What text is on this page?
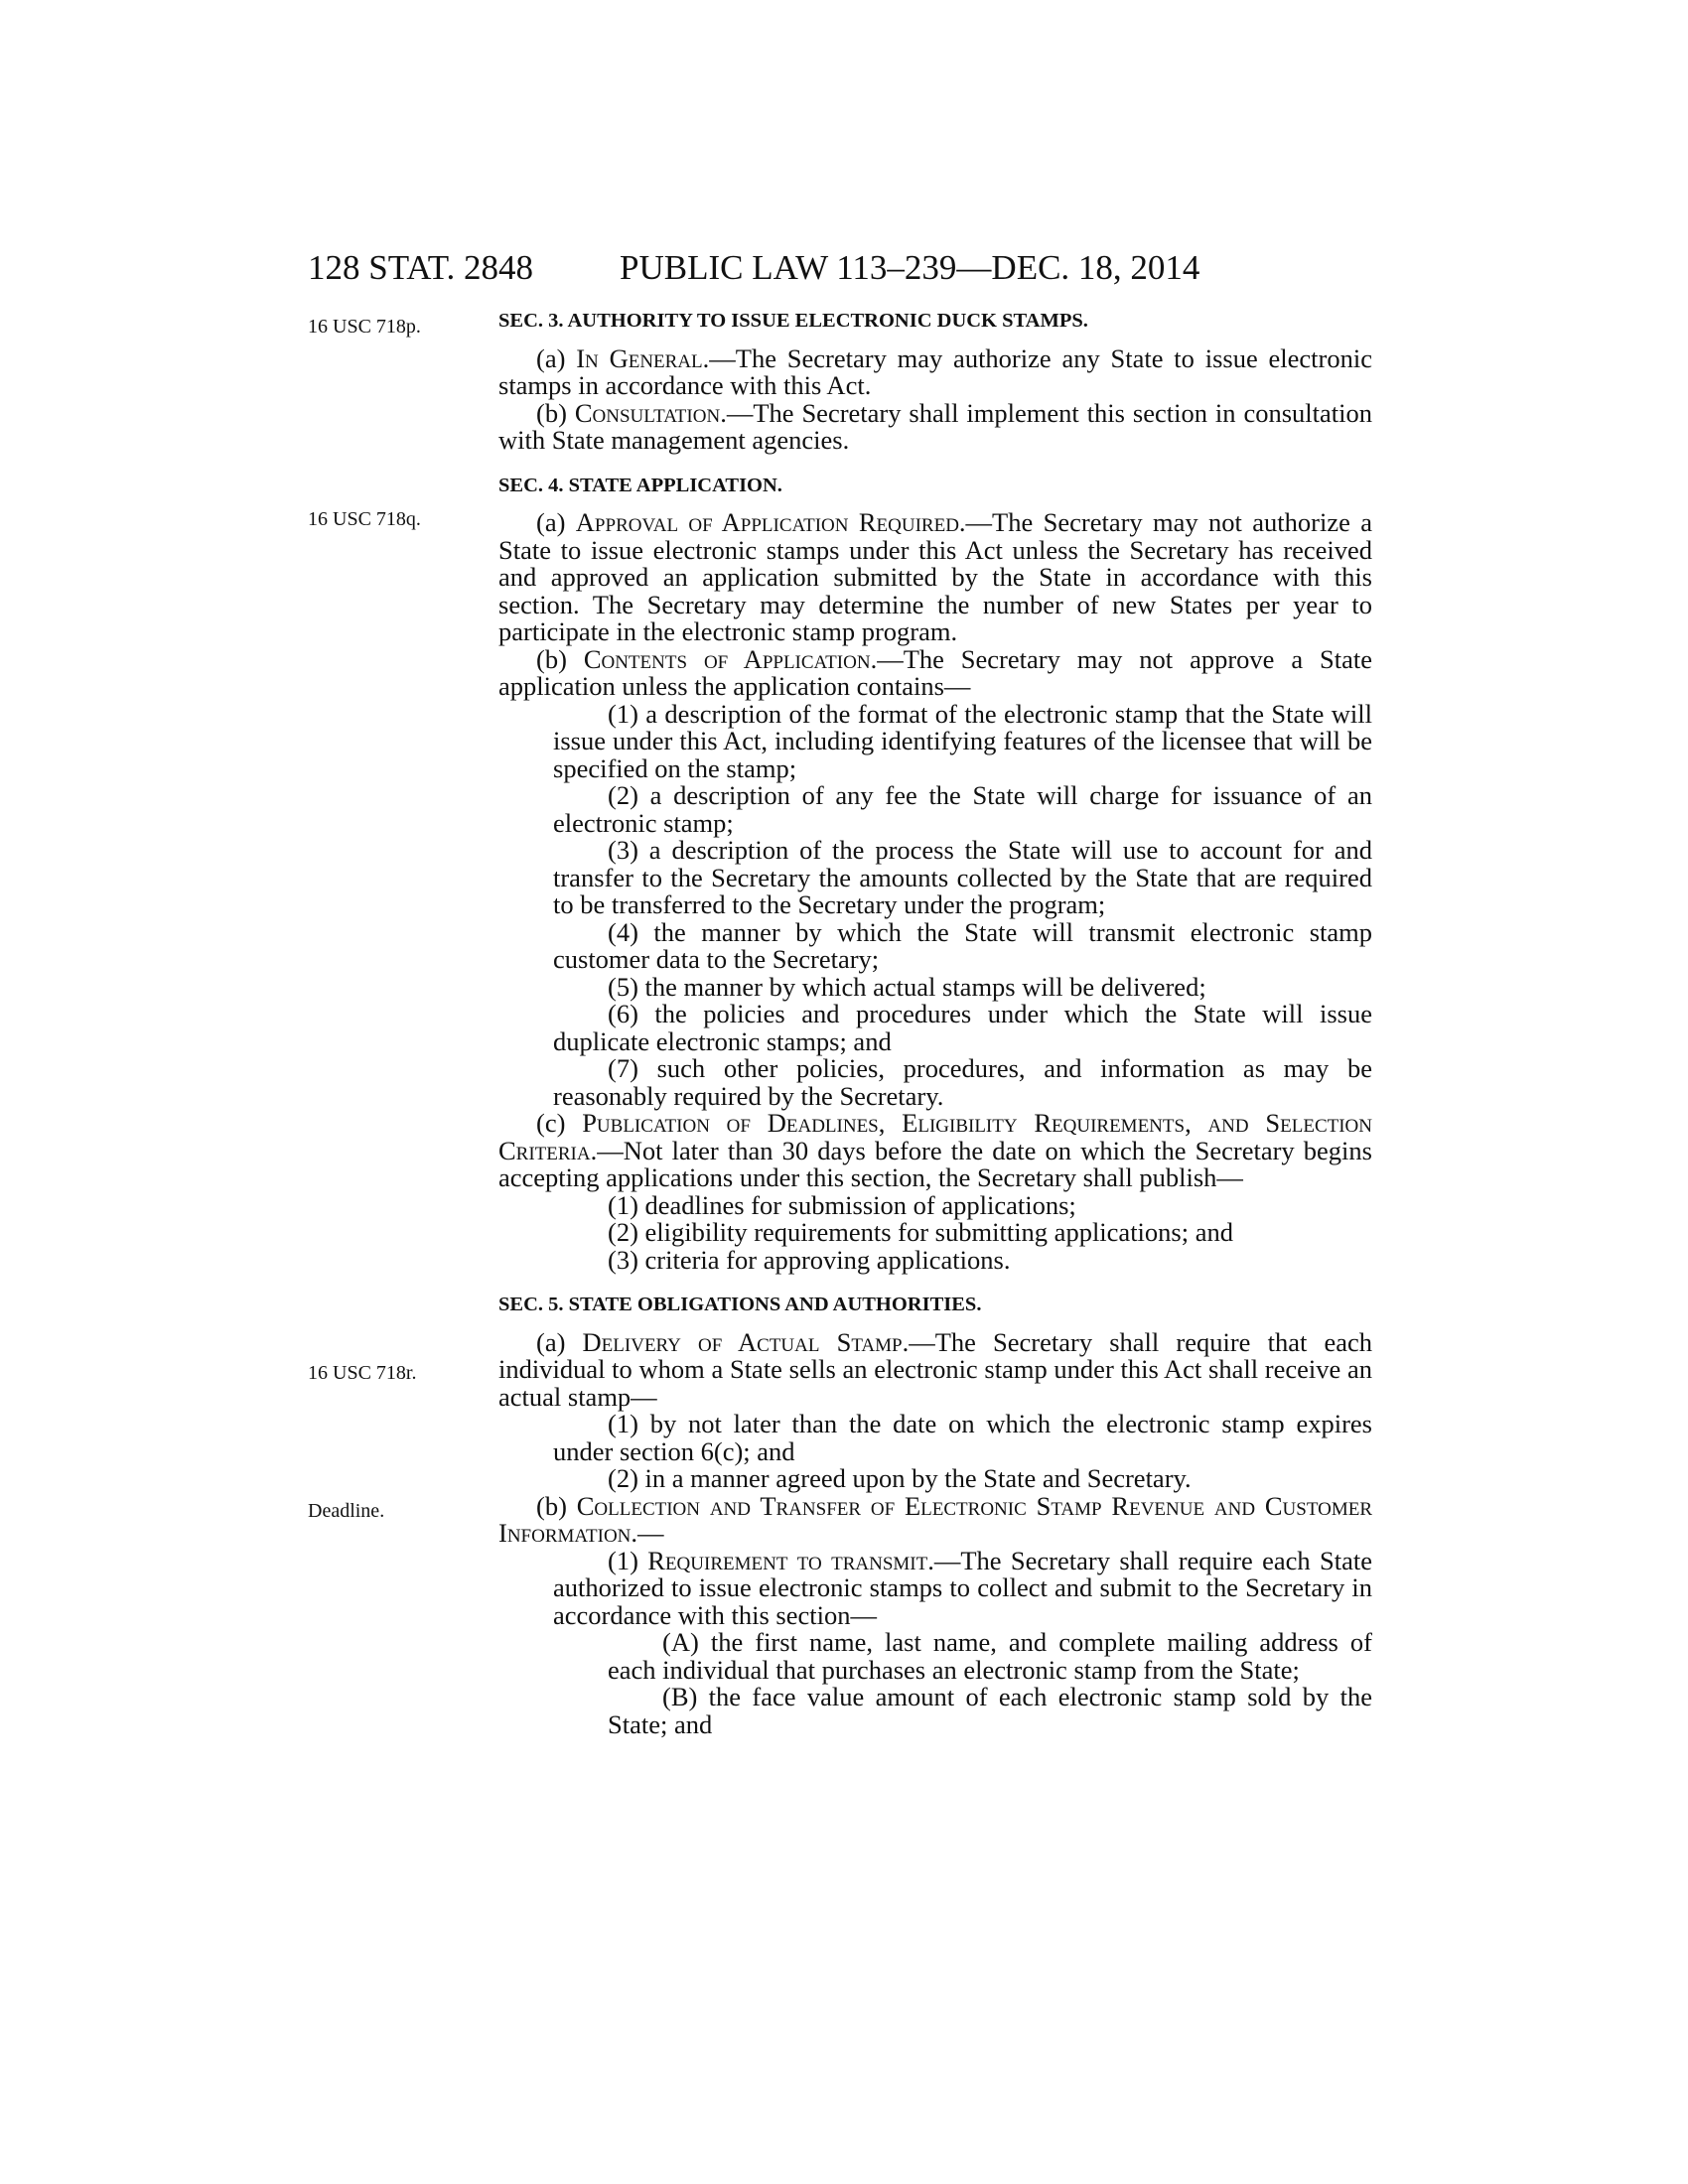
128 STAT. 2848 PUBLIC LAW 113–239—DEC. 18, 2014
16 USC 718p.
16 USC 718q.
16 USC 718r.
Deadline.
SEC. 3. AUTHORITY TO ISSUE ELECTRONIC DUCK STAMPS.

(a) In General.—The Secretary may authorize any State to issue electronic stamps in accordance with this Act.

(b) Consultation.—The Secretary shall implement this section in consultation with State management agencies.

SEC. 4. STATE APPLICATION.

(a) Approval of Application Required.—The Secretary may not authorize a State to issue electronic stamps under this Act unless the Secretary has received and approved an application submitted by the State in accordance with this section. The Secretary may determine the number of new States per year to participate in the electronic stamp program.

(b) Contents of Application.—The Secretary may not approve a State application unless the application contains—

(1) a description of the format of the electronic stamp that the State will issue under this Act, including identifying features of the licensee that will be specified on the stamp;

(2) a description of any fee the State will charge for issuance of an electronic stamp;

(3) a description of the process the State will use to account for and transfer to the Secretary the amounts collected by the State that are required to be transferred to the Secretary under the program;

(4) the manner by which the State will transmit electronic stamp customer data to the Secretary;

(5) the manner by which actual stamps will be delivered;

(6) the policies and procedures under which the State will issue duplicate electronic stamps; and

(7) such other policies, procedures, and information as may be reasonably required by the Secretary.

(c) Publication of Deadlines, Eligibility Requirements, and Selection Criteria.—Not later than 30 days before the date on which the Secretary begins accepting applications under this section, the Secretary shall publish—

(1) deadlines for submission of applications;

(2) eligibility requirements for submitting applications; and

(3) criteria for approving applications.

SEC. 5. STATE OBLIGATIONS AND AUTHORITIES.

(a) Delivery of Actual Stamp.—The Secretary shall require that each individual to whom a State sells an electronic stamp under this Act shall receive an actual stamp—

(1) by not later than the date on which the electronic stamp expires under section 6(c); and

(2) in a manner agreed upon by the State and Secretary.

(b) Collection and Transfer of Electronic Stamp Revenue and Customer Information.—

(1) Requirement to transmit.—The Secretary shall require each State authorized to issue electronic stamps to collect and submit to the Secretary in accordance with this section—

(A) the first name, last name, and complete mailing address of each individual that purchases an electronic stamp from the State;

(B) the face value amount of each electronic stamp sold by the State; and
